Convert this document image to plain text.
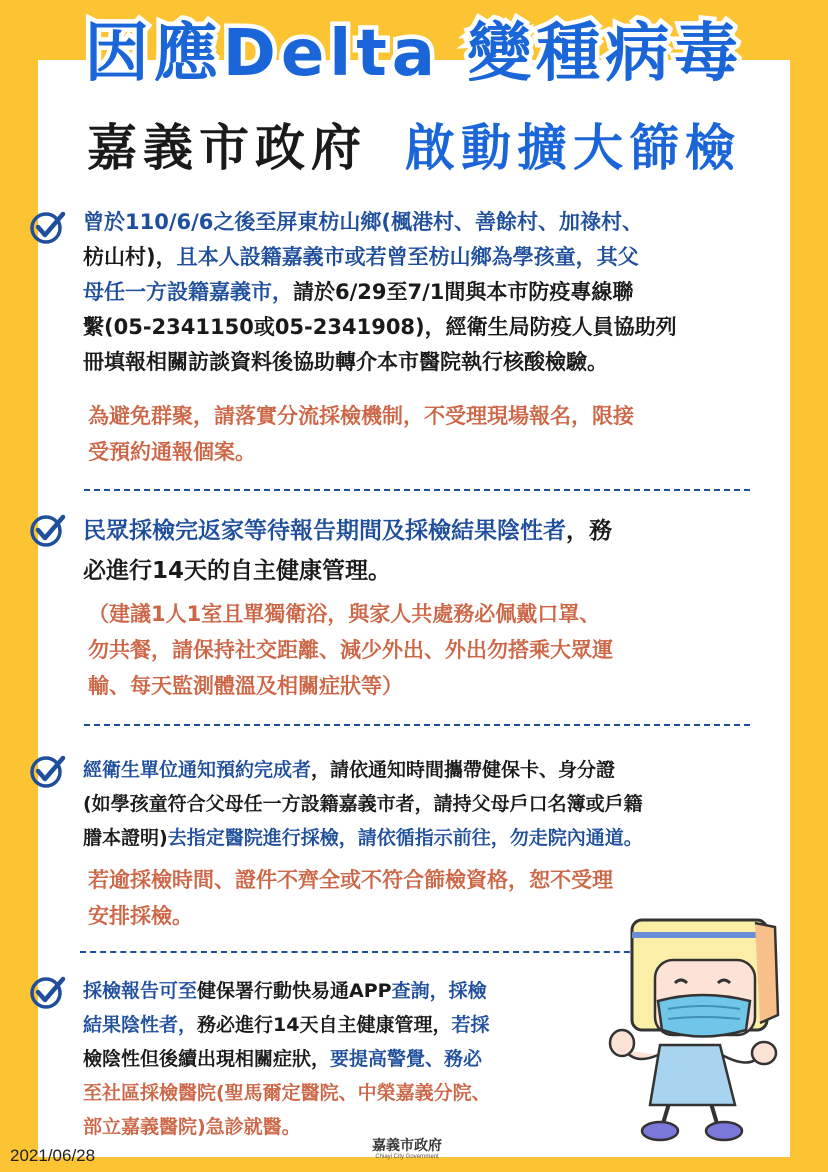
因應Delta 變種病毒
嘉義市政府 啟動擴大篩檢
曾於110/6/6之後至屏東枋山鄉(楓港村、善餘村、加祿村、
枋山村)，且本人設籍嘉義市或若曾至枋山鄉為學孩童，其父
母任一方設籍嘉義市，請於6/29至7/1間與本市防疫專線聯
繫(05-2341150或05-2341908)，經衛生局防疫人員協助列
冊填報相關訪談資料後協助轉介本市醫院執行核酸檢驗。
為避免群聚，請落實分流採檢機制，不受理現場報名，限接
受預約通報個案。
民眾採檢完返家等待報告期間及採檢結果陰性者，務
必進行14天的自主健康管理。
（建議1人1室且單獨衛浴，與家人共處務必佩戴口罩、
勿共餐，請保持社交距離、減少外出、外出勿搭乘大眾運
輸、每天監測體溫及相關症狀等）
經衛生單位通知預約完成者，請依通知時間攜帶健保卡、身分證
(如學孩童符合父母任一方設籍嘉義市者，請持父母戶口名簿或戶籍
謄本證明)去指定醫院進行採檢，請依循指示前往，勿走院內通道。
若逾採檢時間、證件不齊全或不符合篩檢資格，恕不受理
安排採檢。
採檢報告可至健保署行動快易通APP查詢，採檢
結果陰性者，務必進行14天自主健康管理，若採
檢陰性但後續出現相關症狀，要提高警覺、務必
至社區採檢醫院(聖馬爾定醫院、中榮嘉義分院、
部立嘉義醫院)急診就醫。
2021/06/28	嘉義市政府
Chiayi City Government
